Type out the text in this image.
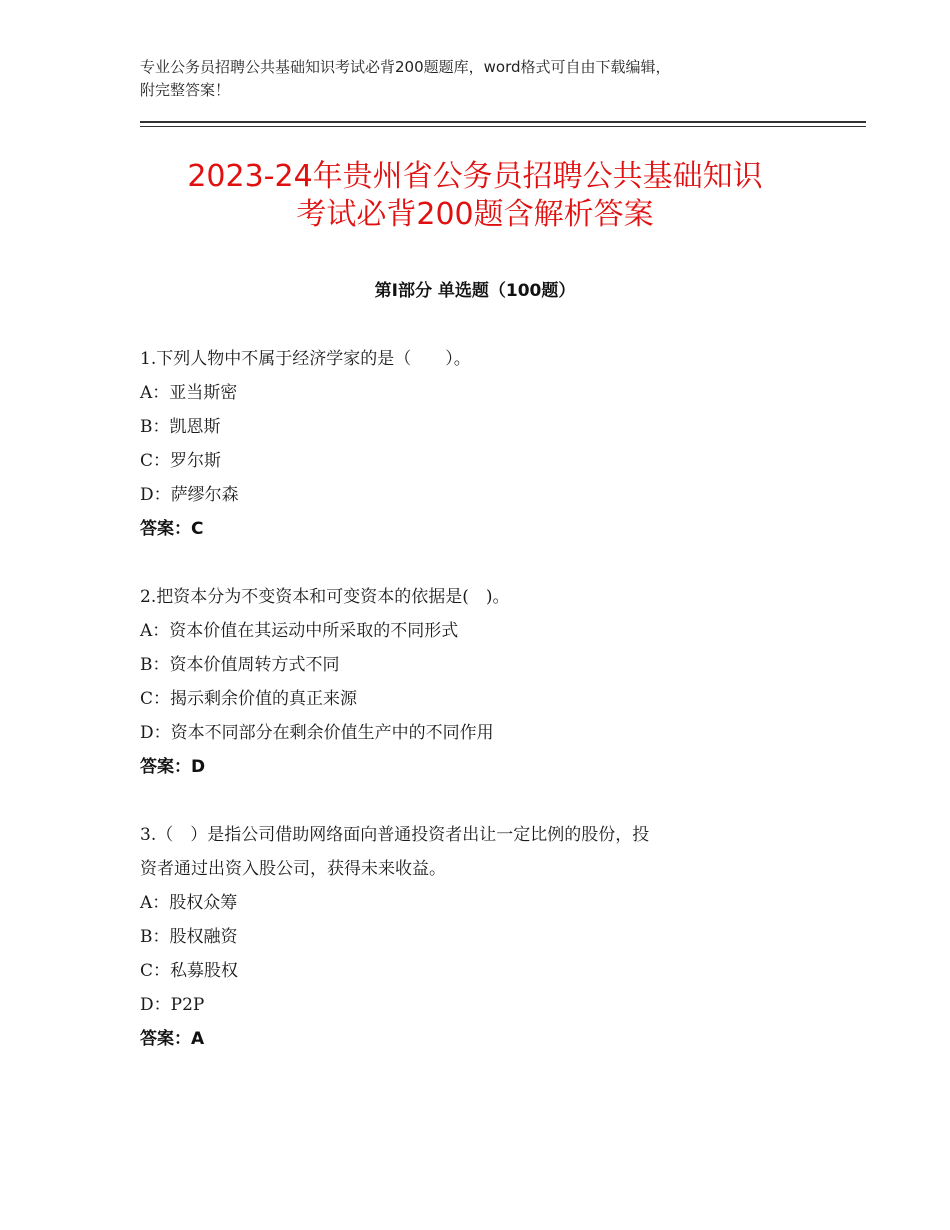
专业公务员招聘公共基础知识考试必背200题题库，word格式可自由下载编辑，
附完整答案！
2023-24年贵州省公务员招聘公共基础知识
考试必背200题含解析答案
第Ⅰ部分 单选题（100题）
1.下列人物中不属于经济学家的是（　　）。
A：亚当斯密
B：凯恩斯
C：罗尔斯
D：萨缪尔森
答案：C
2.把资本分为不变资本和可变资本的依据是(　)。
A：资本价值在其运动中所采取的不同形式
B：资本价值周转方式不同
C：揭示剩余价值的真正来源
D：资本不同部分在剩余价值生产中的不同作用
答案：D
3.（　）是指公司借助网络面向普通投资者出让一定比例的股份，投
资者通过出资入股公司，获得未来收益。
A：股权众筹
B：股权融资
C：私募股权
D：P2P
答案：A
